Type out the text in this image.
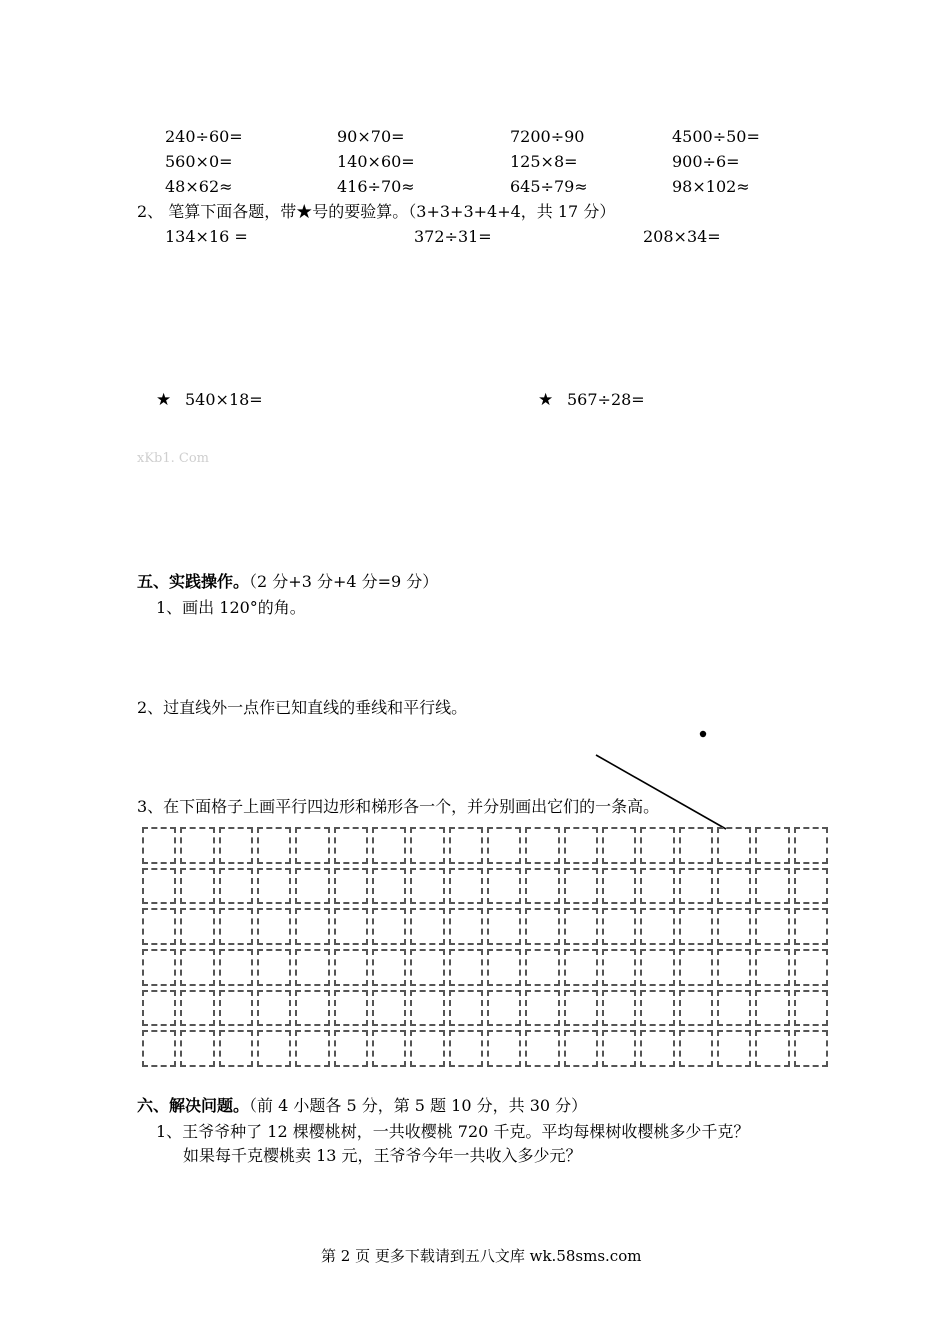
240÷60=	90×70=	7200÷90	4500÷50=
560×0=	140×60=	125×8=	900÷6=
48×62≈	416÷70≈	645÷79≈	98×102≈
2、 笔算下面各题，带★号的要验算。（3+3+3+4+4，共 17 分）
134×16 =	372÷31=	208×34=
★ 540×18=	★ 567÷28=
xKb1. Com
五、实践操作。（2 分+3 分+4 分=9 分）
1、画出 120°的角。
2、过直线外一点作已知直线的垂线和平行线。
3、在下面格子上画平行四边形和梯形各一个，并分别画出它们的一条高。
六、解决问题。（前 4 小题各 5 分，第 5 题 10 分，共 30 分）
1、王爷爷种了 12 棵樱桃树，一共收樱桃 720 千克。平均每棵树收樱桃多少千克？
如果每千克樱桃卖 13 元，王爷爷今年一共收入多少元？
第 2 页 更多下载请到五八文库 wk.58sms.com
